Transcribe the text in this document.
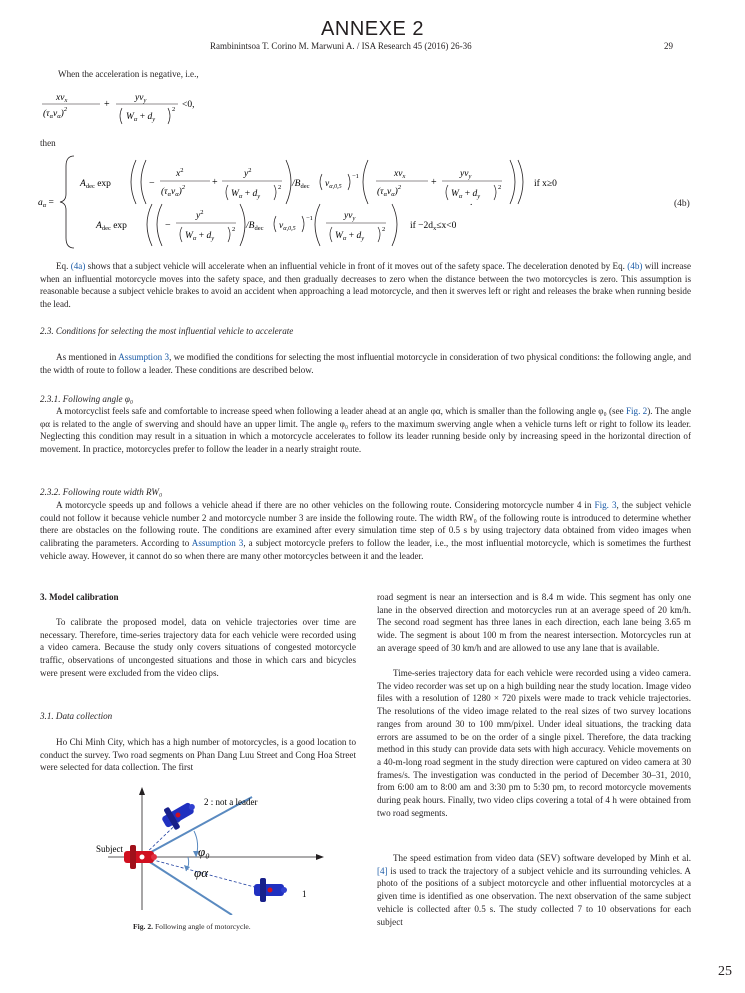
ANNEXE 2
Rambinintsoa T. Corino M. Marwuni A. / ISA Research 45 (2016) 26-36	29
When the acceleration is negative, i.e.,
$xv_x$
$(\tau_\alpha v_\alpha)^2$	+
$yv_y$
$W_\alpha + d_y$
2 <0,
then
$a_\alpha$ =
$A_{dec}$ exp	−
$x^2$
$(\tau_\alpha v_\alpha)^2$	+
$y^2$
$W_\alpha + d_y$
2 $/B_{dec}$ $v_\alpha,0,5$
−1	$xv_x$
$(\tau_\alpha v_\alpha)^2$	+
$yv_y$
$W_\alpha + d_y$
2	if x≥0
$A_{dec}$ exp	−
$y^2$
$W_\alpha + d_y$
2 $/B_{dec}$ $v_\alpha,0,5$
−1	$yv_y$
$W_\alpha + d_y$
2	if $-2d_x\le x<0$
.	(4b)
Eq. (4a) shows that a subject vehicle will accelerate when an influential vehicle in front of it moves out of the safety space. The deceleration denoted by Eq. (4b) will increase when an influential motorcycle moves into the safety space, and then gradually decreases to zero when the distance between the two motorcycles is zero. This assumption is reasonable because a subject vehicle brakes to avoid an accident when approaching a lead motorcycle, and then it swerves left or right and releases the brake when running beside the lead.
2.3. Conditions for selecting the most influential vehicle to accelerate
As mentioned in Assumption 3, we modified the conditions for selecting the most influential motorcycle in consideration of two physical conditions: the following angle, and the width of route to follow a leader. These conditions are described below.
2.3.1. Following angle φ₀
A motorcyclist feels safe and comfortable to increase speed when following a leader ahead at an angle φα, which is smaller than the following angle φ₀ (see Fig. 2). The angle φα is related to the angle of swerving and should have an upper limit. The angle φ₀ refers to the maximum swerving angle when a vehicle turns left or right to follow its leader. Neglecting this condition may result in a situation in which a motorcycle accelerates to follow its leader running beside only by increasing speed in the horizontal direction of movement. In practice, motorcycles prefer to follow the leader in a nearly straight route.
2.3.2. Following route width RW₀
A motorcycle speeds up and follows a vehicle ahead if there are no other vehicles on the following route. Considering motorcycle number 4 in Fig. 3, the subject vehicle could not follow it because vehicle number 2 and motorcycle number 3 are inside the following route. The width RW₀ of the following route is introduced to determine whether there are obstacles on the following route. The conditions are examined after every simulation time step of 0.5 s by using trajectory data obtained from video images when calibrating the parameters. According to Assumption 3, a subject motorcycle prefers to follow the leader, i.e., the most influential motorcycle, which is sometimes the furthest vehicle away. However, it cannot do so when there are many other motorcycles between it and the leader.
3. Model calibration
To calibrate the proposed model, data on vehicle trajectories over time are necessary. Therefore, time-series trajectory data for each vehicle were recorded using a video camera. Because the study only covers situations of congested motorcycle traffic, observations of uncongested situations and those in which cars and bicycles were present were excluded from the video clips.
3.1. Data collection
Ho Chi Minh City, which has a high number of motorcycles, is a good location to conduct the survey. Two road segments on Phan Dang Luu Street and Cong Hoa Street were selected for data collection. The first
Subject
2 : not a leader
1
φ₀
φα
Fig. 2. Following angle of motorcycle.
road segment is near an intersection and is 8.4 m wide. This segment has only one lane in the observed direction and motorcycles run at an average speed of 20 km/h. The second road segment has three lanes in each direction, each lane being 3.65 m wide. The segment is about 100 m from the nearest intersection. Motorcycles run at an average speed of 30 km/h and are allowed to use any lane that is available.
Time-series trajectory data for each vehicle were recorded using a video camera. The video recorder was set up on a high building near the study location. Image video files with a resolution of 1280 × 720 pixels were made to track vehicle trajectories. The resolutions of the video image related to the real sizes of two survey locations ranges from around 30 to 100 mm/pixel. Under ideal situations, the tracking data errors are assumed to be on the order of a single pixel. Therefore, the data tracking method in this study can provide data sets with high accuracy. Vehicle movements on a 40-m-long road segment in the study direction were captured on video camera at 30 frames/s. The investigation was conducted in the period of December 30–31, 2010, from 6:00 am to 8:00 am and 3:30 pm to 5:30 pm, to record motorcycle movements during peak hours. Finally, two video clips covering a total of 4 h were obtained from two road segments.
The speed estimation from video data (SEV) software developed by Minh et al. [4] is used to track the trajectory of a subject vehicle and its surrounding vehicles. A photo of the positions of a subject motorcycle and other influential motorcycles at a given time is identified as one observation. The next observation of the same subject vehicle is collected after 0.5 s. The study collected 7 to 10 observations for each subject
25
